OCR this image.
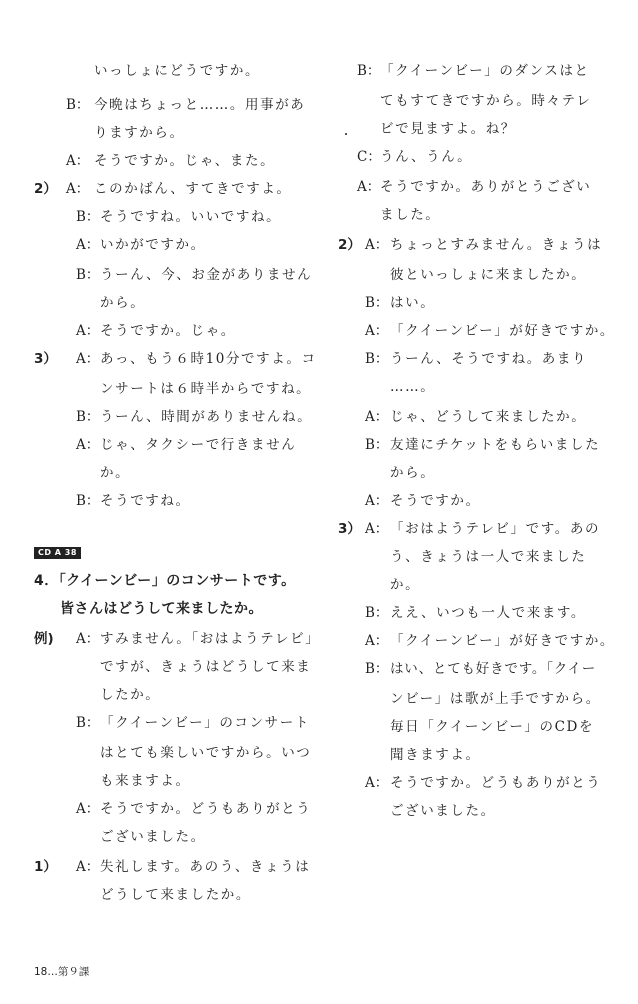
いっしょにどうですか。
B： 今晩はちょっと……。用事があ
りますから。
A： そうですか。じゃ、また。
2） A： このかばん、すてきですよ。
B： そうですね。いいですね。
A： いかがですか。
B： うーん、今、お金がありません
から。
A： そうですか。じゃ。
3） A： あっ、もう６時10分ですよ。コ
ンサートは６時半からですね。
B： うーん、時間がありませんね。
A： じゃ、タクシーで行きません
か。
B： そうですね。
CD A 38
4．「クイーンビー」のコンサートです。
皆さんはどうして来ましたか。
例) A： すみません。「おはようテレビ」
ですが、きょうはどうして来ま
したか。
B： 「クイーンビー」のコンサート
はとても楽しいですから。いつ
も来ますよ。
A： そうですか。どうもありがとう
ございました。
1） A： 失礼します。あのう、きょうは
どうして来ましたか。
B： 「クイーンビー」のダンスはと
てもすてきですから。時々テレ
ビで見ますよ。ね？
C： うん、うん。
A： そうですか。ありがとうござい
ました。
2） A： ちょっとすみません。きょうは
彼といっしょに来ましたか。
B： はい。
A： 「クイーンビー」が好きですか。
B： うーん、そうですね。あまり
……。
A： じゃ、どうして来ましたか。
B： 友達にチケットをもらいました
から。
A： そうですか。
3） A： 「おはようテレビ」です。あの
う、きょうは一人で来ました
か。
B： ええ、いつも一人で来ます。
A： 「クイーンビー」が好きですか。
B： はい、とても好きです。「クイー
ンビー」は歌が上手ですから。
毎日「クイーンビー」のCDを
聞きますよ。
A： そうですか。どうもありがとう
ございました。
18…第９課
